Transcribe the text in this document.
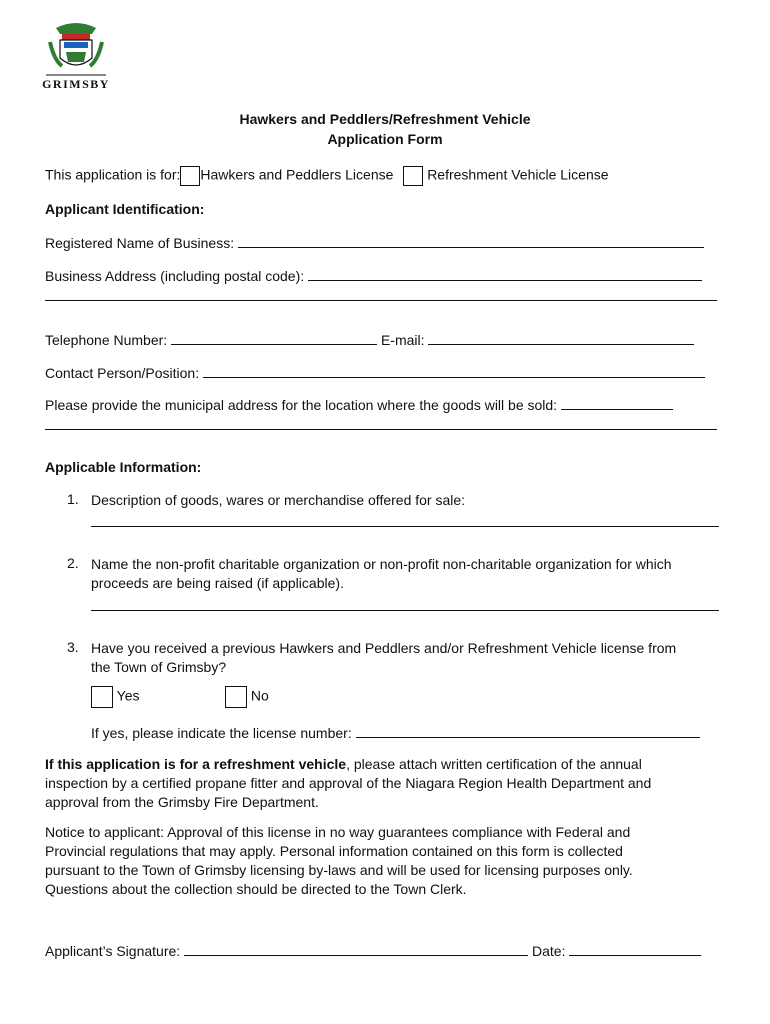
GRIMSBY
Hawkers and Peddlers/Refreshment Vehicle
Application Form
This application is for: Hawkers and Peddlers License Refreshment Vehicle License
Applicant Identification:
Registered Name of Business:
Business Address (including postal code):
Telephone Number:	E-mail:
Contact Person/Position:
Please provide the municipal address for the location where the goods will be sold:
Applicable Information:
1. Description of goods, wares or merchandise offered for sale:
2. Name the non-profit charitable organization or non-profit non-charitable organization for which
proceeds are being raised (if applicable).
3. Have you received a previous Hawkers and Peddlers and/or Refreshment Vehicle license from
the Town of Grimsby?
Yes	No
If yes, please indicate the license number:
If this application is for a refreshment vehicle, please attach written certification of the annual
inspection by a certified propane fitter and approval of the Niagara Region Health Department and
approval from the Grimsby Fire Department.
Notice to applicant: Approval of this license in no way guarantees compliance with Federal and
Provincial regulations that may apply. Personal information contained on this form is collected
pursuant to the Town of Grimsby licensing by-laws and will be used for licensing purposes only.
Questions about the collection should be directed to the Town Clerk.
Applicant’s Signature:	Date:
